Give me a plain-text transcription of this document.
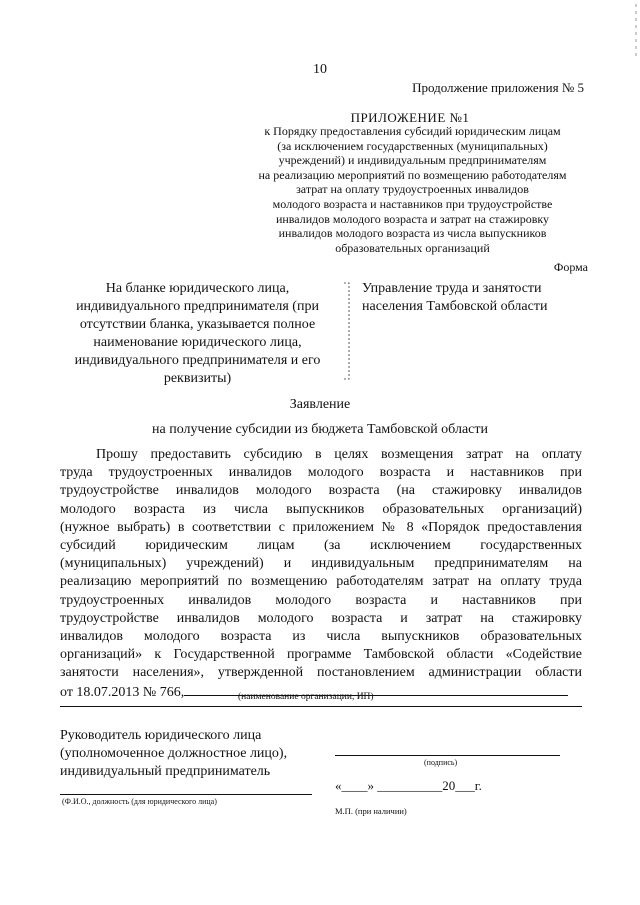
10
Продолжение приложения № 5
ПРИЛОЖЕНИЕ №1
к Порядку предоставления субсидий юридическим лицам
(за исключением государственных (муниципальных)
учреждений) и индивидуальным предпринимателям
на реализацию мероприятий по возмещению работодателям
затрат на оплату трудоустроенных инвалидов
молодого возраста и наставников при трудоустройстве
инвалидов молодого возраста и затрат на стажировку
инвалидов молодого возраста из числа выпускников
образовательных организаций
Форма
На бланке юридического лица,
индивидуального предпринимателя (при
отсутствии бланка, указывается полное
наименование юридического лица,
индивидуального предпринимателя и его
реквизиты)
Управление труда и занятости
населения Тамбовской области
Заявление
на получение субсидии из бюджета Тамбовской области
Прошу предоставить субсидию в целях возмещения затрат на оплату
труда трудоустроенных инвалидов молодого возраста и наставников при
трудоустройстве инвалидов молодого возраста (на стажировку инвалидов
молодого возраста из числа выпускников образовательных организаций)
(нужное выбрать) в соответствии с приложением № 8 «Порядок предоставления
субсидий юридическим лицам (за исключением государственных
(муниципальных) учреждений) и индивидуальным предпринимателям на
реализацию мероприятий по возмещению работодателям затрат на оплату труда
трудоустроенных инвалидов молодого возраста и наставников при
трудоустройстве инвалидов молодого возраста и затрат на стажировку
инвалидов молодого возраста из числа выпускников образовательных
организаций» к Государственной программе Тамбовской области «Содействие
занятости населения», утвержденной постановлением администрации области
от 18.07.2013 № 766,	(наименование организации, ИП)
Руководитель юридического лица
(уполномоченное должностное лицо),
индивидуальный предприниматель
(подпись)
«____» __________20___г.
(Ф.И.О., должность (для юридического лица)
М.П. (при наличии)
